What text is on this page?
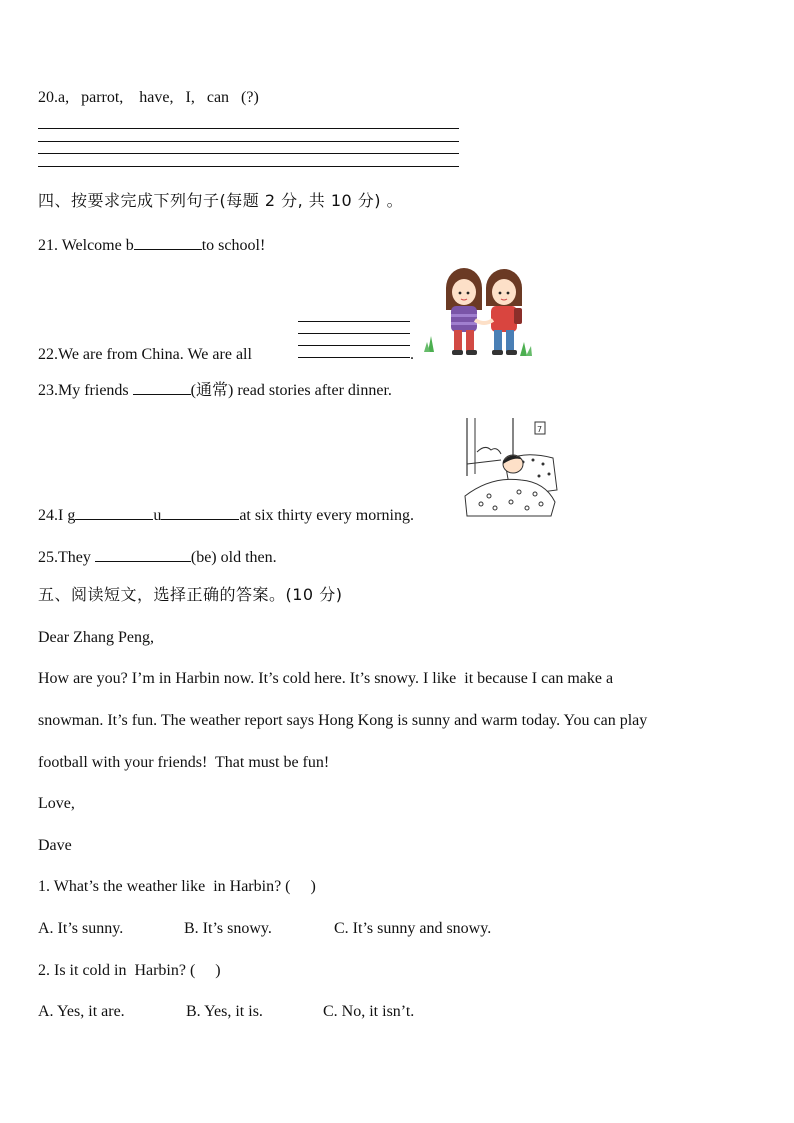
20.a,   parrot,    have,   I,   can   (?)
四、按要求完成下列句子(每题 2 分, 共 10 分) 。
21. Welcome b	to school!
22.We are from China. We are all	.
23.My friends	(通常) read stories after dinner.
7
24.I g	u	at six thirty every morning.
25.They	(be) old then.
五、阅读短文，选择正确的答案。(10 分)
Dear Zhang Peng,
How are you? I’m in Harbin now. It’s cold here. It’s snowy. I like  it because I can make a
snowman. It’s fun. The weather report says Hong Kong is sunny and warm today. You can play
football with your friends!  That must be fun!
Love,
Dave
1. What’s the weather like  in Harbin? (     )
A. It’s sunny.	B. It’s snowy.	C. It’s sunny and snowy.
2. Is it cold in  Harbin? (     )
A. Yes, it are.	B. Yes, it is.	C. No, it isn’t.
